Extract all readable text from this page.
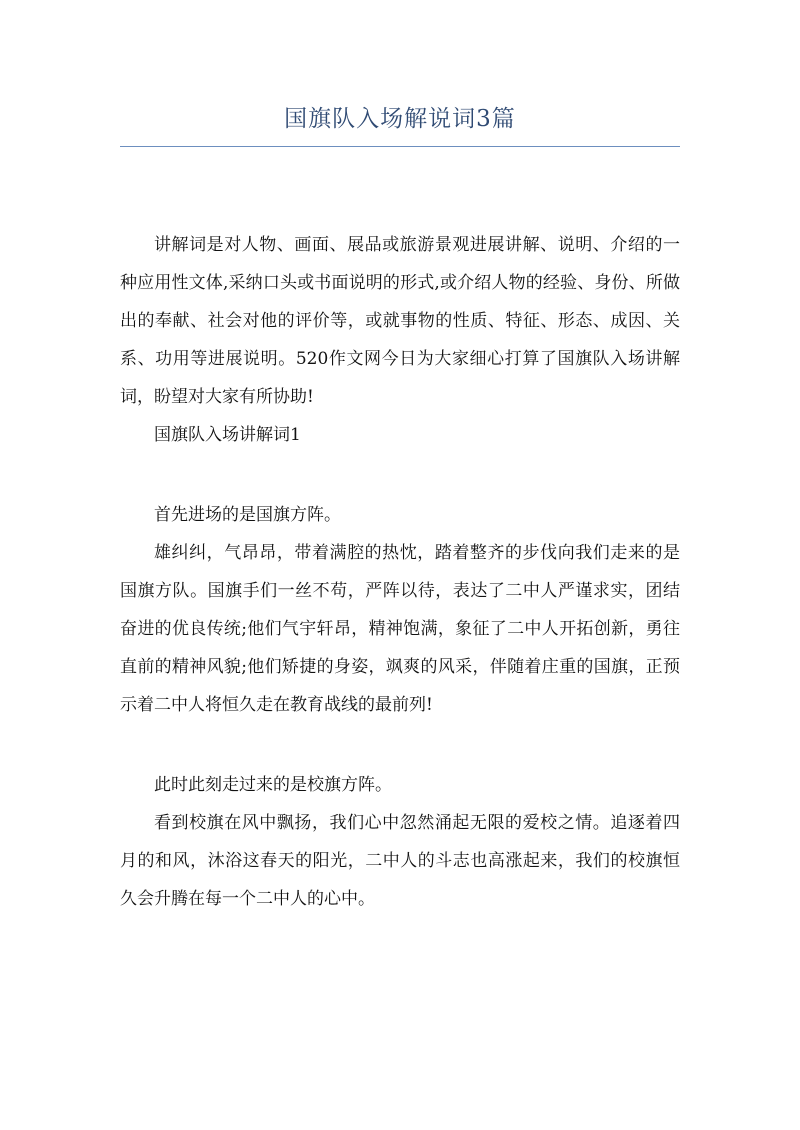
国旗队入场解说词3篇

讲解词是对人物、画面、展品或旅游景观进展讲解、说明、介绍的一种应用性文体,采纳口头或书面说明的形式,或介绍人物的经验、身份、所做出的奉献、社会对他的评价等，或就事物的性质、特征、形态、成因、关系、功用等进展说明。520作文网今日为大家细心打算了国旗队入场讲解词，盼望对大家有所协助!

国旗队入场讲解词1

首先进场的是国旗方阵。

雄纠纠，气昂昂，带着满腔的热忱，踏着整齐的步伐向我们走来的是国旗方队。国旗手们一丝不苟，严阵以待，表达了二中人严谨求实，团结奋进的优良传统;他们气宇轩昂，精神饱满，象征了二中人开拓创新，勇往直前的精神风貌;他们矫捷的身姿，飒爽的风采，伴随着庄重的国旗，正预示着二中人将恒久走在教育战线的最前列!

此时此刻走过来的是校旗方阵。

看到校旗在风中飘扬，我们心中忽然涌起无限的爱校之情。追逐着四月的和风，沐浴这春天的阳光，二中人的斗志也高涨起来，我们的校旗恒久会升腾在每一个二中人的心中。
